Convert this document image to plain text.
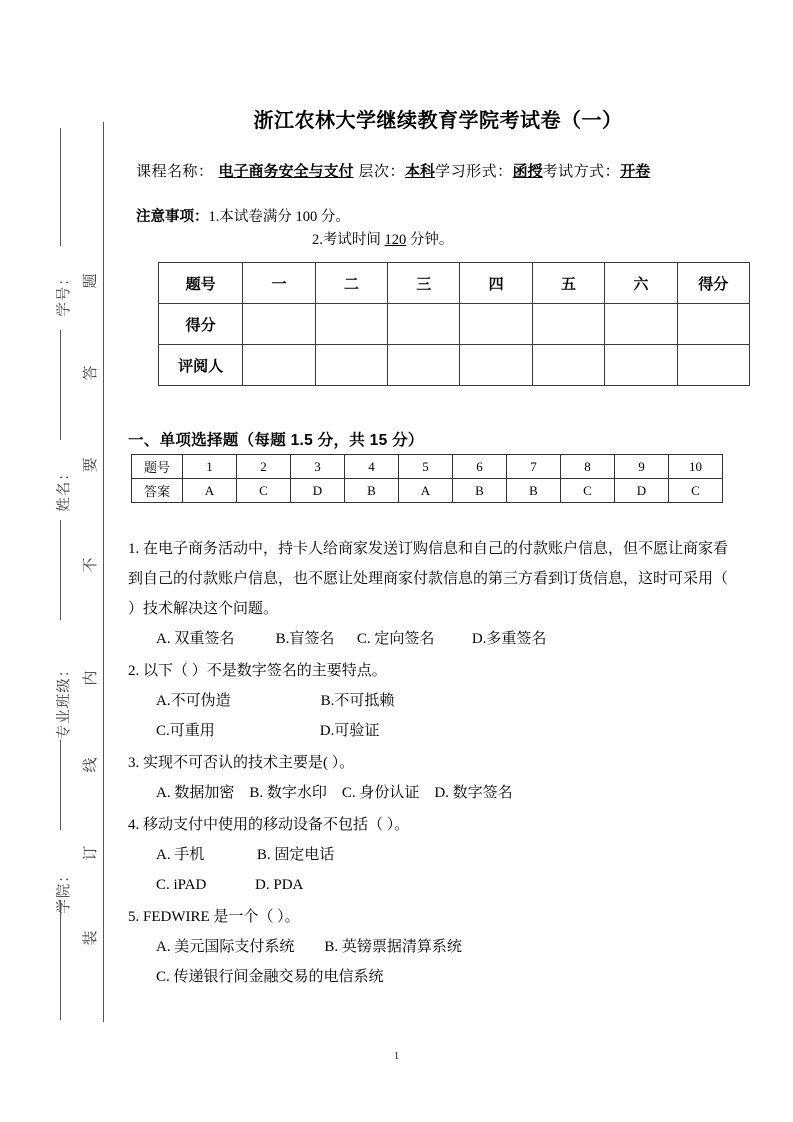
题
答
要
不
内
线
订
装
学号：
姓名：
专业班级：
学院：
浙江农林大学继续教育学院考试卷（一）
课程名称： 电子商务安全与支付 层次：本科学习形式：函授考试方式：开卷
注意事项：1.本试卷满分 100 分。
2.考试时间 120 分钟。
题号	一	二	三	四	五	六	得分
得分							
评阅人							
一、单项选择题（每题 1.5 分，共 15 分）
题号	1	2	3	4	5	6	7	8	9	10
答案	A	C	D	B	A	B	B	C	D	C
1. 在电子商务活动中，持卡人给商家发送订购信息和自己的付款账户信息，但不愿让商家看到自己的付款账户信息，也不愿让处理商家付款信息的第三方看到订货信息，这时可采用（ ）技术解决这个问题。
A. 双重签名           B.盲签名      C. 定向签名          D.多重签名
2. 以下（ ）不是数字签名的主要特点。
A.不可伪造                        B.不可抵赖
C.可重用                            D.可验证
3. 实现不可否认的技术主要是( ）。
A. 数据加密    B. 数字水印    C. 身份认证    D. 数字签名
4. 移动支付中使用的移动设备不包括（ ）。
A. 手机              B. 固定电话
C. iPAD             D. PDA
5. FEDWIRE 是一个（ ）。
A. 美元国际支付系统        B. 英镑票据清算系统
C. 传递银行间金融交易的电信系统
1
